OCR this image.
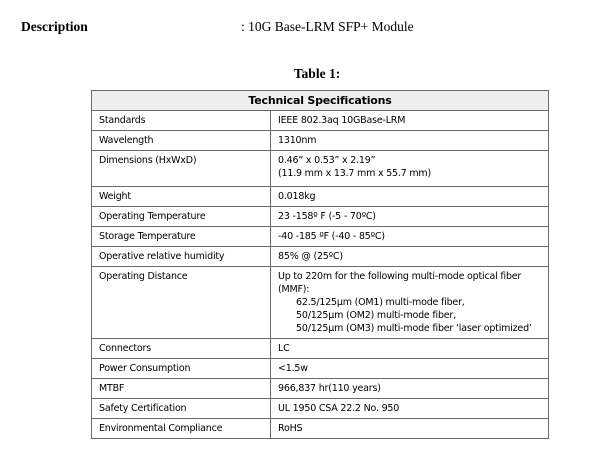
Description	: 10G Base-LRM SFP+ Module
Table 1:
Technical Specifications	
Standards	IEEE 802.3aq 10GBase-LRM
Wavelength	1310nm
Dimensions (HxWxD)	0.46” x 0.53” x 2.19”
(11.9 mm x 13.7 mm x 55.7 mm)

Weight	0.018kg
Operating Temperature	23 -158º F (-5 - 70ºC)
Storage Temperature	-40 -185 ºF (-40 - 85ºC)
Operative relative humidity	85% @ (25ºC)
Operating Distance	Up to 220m for the following multi-mode optical fiber
(MMF):
62.5/125μm (OM1) multi-mode fiber,
50/125μm (OM2) multi-mode fiber,
50/125μm (OM3) multi-mode fiber ‘laser optimized’

Connectors	LC
Power Consumption	<1.5w
MTBF	966,837 hr(110 years)
Safety Certification	UL 1950 CSA 22.2 No. 950
Environmental Compliance	RoHS
